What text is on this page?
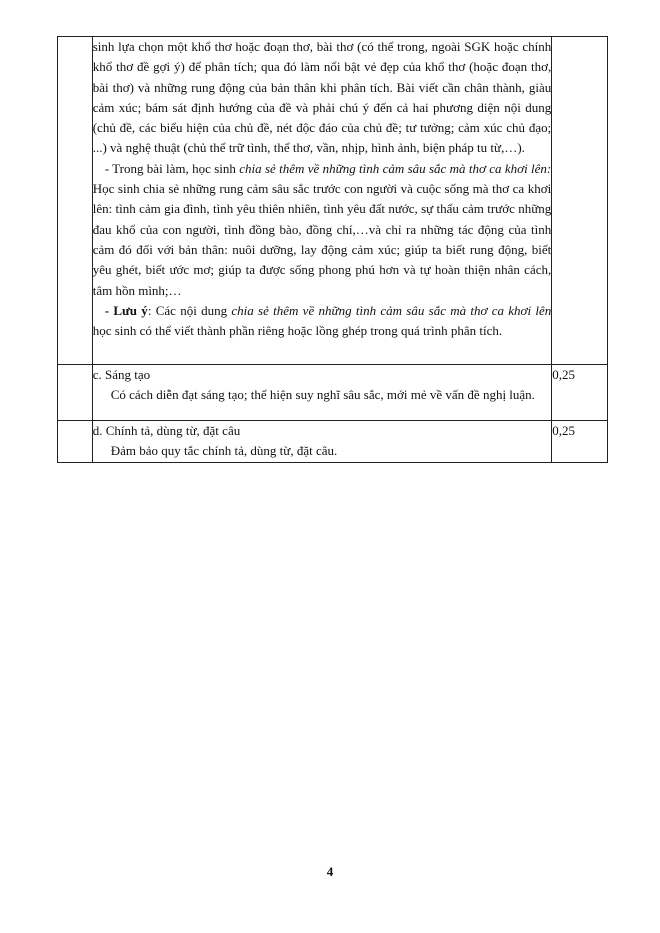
	sinh lựa chọn một khổ thơ hoặc đoạn thơ, bài thơ (có thể trong, ngoài SGK hoặc chính khổ thơ đề gợi ý) để phân tích; qua đó làm nổi bật vẻ đẹp của khổ thơ (hoặc đoạn thơ, bài thơ) và những rung động của bản thân khi phân tích. Bài viết cần chân thành, giàu cảm xúc; bám sát định hướng của đề và phải chú ý đến cả hai phương diện nội dung (chủ đề, các biểu hiện của chủ đề, nét độc đáo của chủ đề; tư tưởng; cảm xúc chủ đạo; ...) và nghệ thuật (chủ thể trữ tình, thể thơ, vần, nhịp, hình ảnh, biện pháp tu từ,…).

- Trong bài làm, học sinh chia sẻ thêm về những tình cảm sâu sắc mà thơ ca khơi lên: Học sinh chia sẻ những rung cảm sâu sắc trước con người và cuộc sống mà thơ ca khơi lên: tình cảm gia đình, tình yêu thiên nhiên, tình yêu đất nước, sự thấu cảm trước những đau khổ của con người, tình đồng bào, đồng chí,…và chỉ ra những tác động của tình cảm đó đối với bản thân: nuôi dưỡng, lay động cảm xúc; giúp ta biết rung động, biết yêu ghét, biết ước mơ; giúp ta được sống phong phú hơn và tự hoàn thiện nhân cách, tâm hồn mình;…

- Lưu ý: Các nội dung chia sẻ thêm về những tình cảm sâu sắc mà thơ ca khơi lên học sinh có thể viết thành phần riêng hoặc lồng ghép trong quá trình phân tích.	

	c. Sáng tạo

Có cách diễn đạt sáng tạo; thể hiện suy nghĩ sâu sắc, mới mẻ về vấn đề nghị luận.	0,25

	d. Chính tả, dùng từ, đặt câu

Đảm bảo quy tắc chính tả, dùng từ, đặt câu.	0,25
4
